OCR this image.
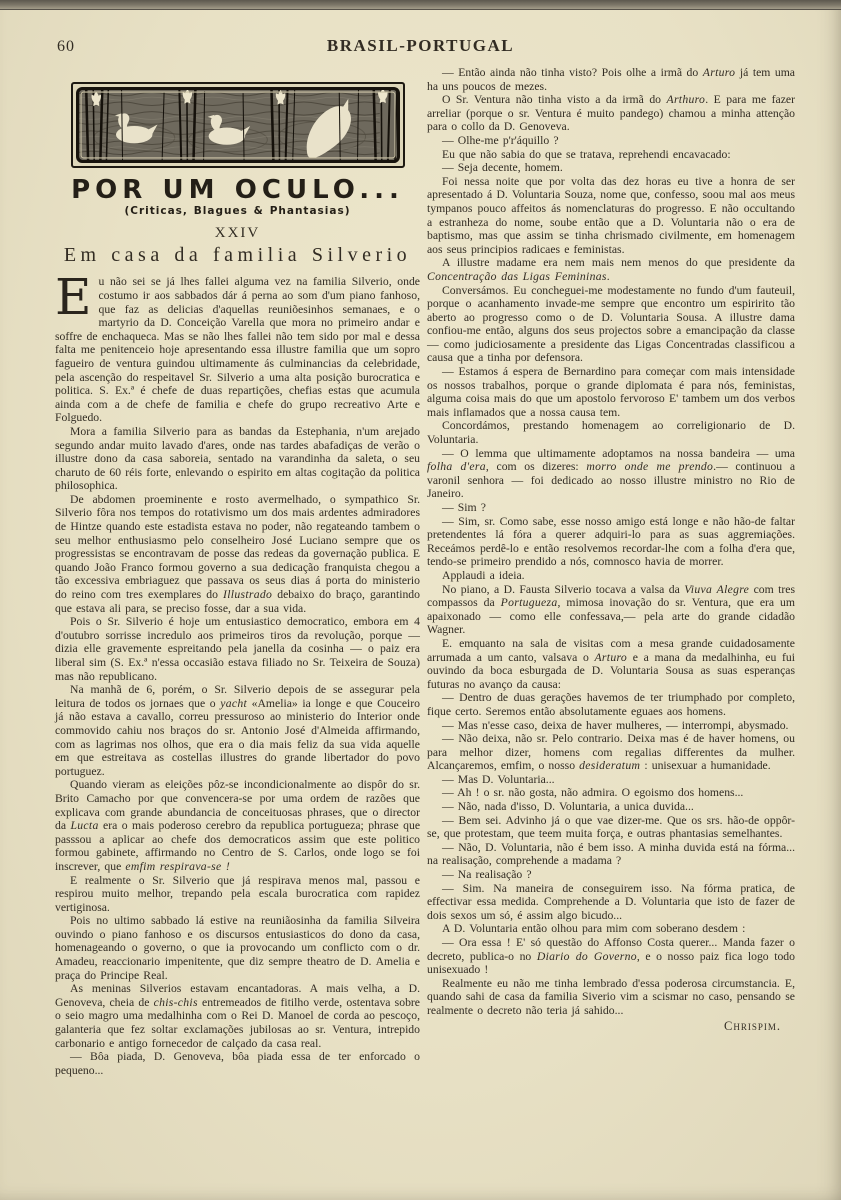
60	BRASIL-PORTUGAL
POR UM OCULO...
(Criticas, Blagues & Phantasias)
XXIV
Em casa da familia Silverio

Eu não sei se já lhes fallei alguma vez na familia Silverio, onde costumo ir aos sabbados dár á perna ao som d'um piano fanhoso, que faz as delicias d'aquellas reuniõesinhos semanaes, e o martyrio da D. Conceição Varella que mora no primeiro andar e soffre de enchaqueca. Mas se não lhes fallei não tem sido por mal e dessa falta me penitenceio hoje apresentando essa illustre familia que um sopro fagueiro de ventura guindou ultimamente ás culminancias da celebridade, pela ascenção do respeitavel Sr. Silverio a uma alta posição burocratica e politica. S. Ex.ª é chefe de duas repartições, chefias estas que acumula ainda com a de chefe de familia e chefe do grupo recreativo Arte e Folguedo.

Mora a familia Silverio para as bandas da Estephania, n'um arejado segundo andar muito lavado d'ares, onde nas tardes abafadiças de verão o illustre dono da casa saboreia, sentado na varandinha da saleta, o seu charuto de 60 réis forte, enlevando o espirito em altas cogitação da politica philosophica.

De abdomen proeminente e rosto avermelhado, o sympathico Sr. Silverio fôra nos tempos do rotativismo um dos mais ardentes admiradores de Hintze quando este estadista estava no poder, não regateando tambem o seu melhor enthusiasmo pelo conselheiro José Luciano sempre que os progressistas se encontravam de posse das redeas da governação publica. E quando João Franco formou governo a sua dedicação franquista chegou a tão excessiva embriaguez que passava os seus dias á porta do ministerio do reino com tres exemplares do Illustrado debaixo do braço, garantindo que estava ali para, se preciso fosse, dar a sua vida.

Pois o Sr. Silverio é hoje um entusiastico democratico, embora em 4 d'outubro sorrisse incredulo aos primeiros tiros da revolução, porque — dizia elle gravemente espreitando pela janella da cosinha — o paiz era liberal sim (S. Ex.ª n'essa occasião estava filiado no Sr. Teixeira de Souza) mas não republicano.

Na manhã de 6, porém, o Sr. Silverio depois de se assegurar pela leitura de todos os jornaes que o yacht «Amelia» ia longe e que Couceiro já não estava a cavallo, correu pressuroso ao ministerio do Interior onde commovido cahiu nos braços do sr. Antonio José d'Almeida affirmando, com as lagrimas nos olhos, que era o dia mais feliz da sua vida aquelle em que estreitava as costellas illustres do grande libertador do povo portuguez.

Quando vieram as eleições pôz-se incondicionalmente ao dispôr do sr. Brito Camacho por que convencera-se por uma ordem de razões que explicava com grande abundancia de conceituosas phrases, que o director da Lucta era o mais poderoso cerebro da republica portugueza; phrase que passsou a aplicar ao chefe dos democraticos assim que este politico formou gabinete, affirmando no Centro de S. Carlos, onde logo se foi inscrever, que emfim respirava-se !

E realmente o Sr. Silverio que já respirava menos mal, passou e respirou muito melhor, trepando pela escala burocratica com rapidez vertiginosa.

Pois no ultimo sabbado lá estive na reuniãosinha da familia Silveira ouvindo o piano fanhoso e os discursos entusiasticos do dono da casa, homenageando o governo, o que ia provocando um conflicto com o dr. Amadeu, reaccionario impenitente, que diz sempre theatro de D. Amelia e praça do Principe Real.

As meninas Silverios estavam encantadoras. A mais velha, a D. Genoveva, cheia de chis-chis entremeados de fitilho verde, ostentava sobre o seio magro uma medalhinha com o Rei D. Manoel de corda ao pescoço, galanteria que fez soltar exclamações jubilosas ao sr. Ventura, intrepido carbonario e antigo fornecedor de calçado da casa real.

— Bôa piada, D. Genoveva, bôa piada essa de ter enforcado o pequeno...

— Então ainda não tinha visto? Pois olhe a irmã do Arturo já tem uma ha uns poucos de mezes.

O Sr. Ventura não tinha visto a da irmã do Arthuro. E para me fazer arreliar (porque o sr. Ventura é muito pandego) chamou a minha attenção para o collo da D. Genoveva.

— Olhe-me p'r'áquillo ?

Eu que não sabia do que se tratava, reprehendi encavacado:

— Seja decente, homem.

Foi nessa noite que por volta das dez horas eu tive a honra de ser apresentado á D. Voluntaria Souza, nome que, confesso, soou mal aos meus tympanos pouco affeitos ás nomenclaturas do progresso. E não occultando a estranheza do nome, soube então que a D. Voluntaria não o era de baptismo, mas que assim se tinha chrismado civilmente, em homenagem aos seus principios radicaes e feministas.

A illustre madame era nem mais nem menos do que presidente da Concentração das Ligas Femininas.

Conversámos. Eu concheguei-me modestamente no fundo d'um fauteuil, porque o acanhamento invade-me sempre que encontro um espiririto tão aberto ao progresso como o de D. Voluntaria Sousa. A illustre dama confiou-me então, alguns dos seus projectos sobre a emancipação da classe — como judiciosamente a presidente das Ligas Concentradas classificou a causa que a tinha por defensora.

— Estamos á espera de Bernardino para começar com mais intensidade os nossos trabalhos, porque o grande diplomata é para nós, feministas, alguma coisa mais do que um apostolo fervoroso E' tambem um dos verbos mais inflamados que a nossa causa tem.

Concordámos, prestando homenagem ao correligionario de D. Voluntaria.

— O lemma que ultimamente adoptamos na nossa bandeira — uma folha d'era, com os dizeres: morro onde me prendo.— continuou a varonil senhora — foi dedicado ao nosso illustre ministro no Rio de Janeiro.

— Sim ?

— Sim, sr. Como sabe, esse nosso amigo está longe e não hão-de faltar pretendentes lá fóra a querer adquiri-lo para as suas aggremiações. Receámos perdê-lo e então resolvemos recordar-lhe com a folha d'era que, tendo-se primeiro prendido a nós, comnosco havia de morrer.

Applaudi a ideia.

No piano, a D. Fausta Silverio tocava a valsa da Viuva Alegre com tres compassos da Portugueza, mimosa inovação do sr. Ventura, que era um apaixonado — como elle confessava,— pela arte do grande cidadão Wagner.

E. emquanto na sala de visitas com a mesa grande cuidadosamente arrumada a um canto, valsava o Arturo e a mana da medalhinha, eu fui ouvindo da boca esburgada de D. Voluntaria Sousa as suas esperanças futuras no avanço da causa:

— Dentro de duas gerações havemos de ter triumphado por completo, fique certo. Seremos então absolutamente eguaes aos homens.

— Mas n'esse caso, deixa de haver mulheres, — interrompi, abysmado.

— Não deixa, não sr. Pelo contrario. Deixa mas é de haver homens, ou para melhor dizer, homens com regalias differentes da mulher. Alcançaremos, emfim, o nosso desideratum : unisexuar a humanidade.

— Mas D. Voluntaria...

— Ah ! o sr. não gosta, não admira. O egoismo dos homens...

— Não, nada d'isso, D. Voluntaria, a unica duvida...

— Bem sei. Advinho já o que vae dizer-me. Que os srs. hão-de oppôr-se, que protestam, que teem muita força, e outras phantasias semelhantes.

— Não, D. Voluntaria, não é bem isso. A minha duvida está na fórma... na realisação, comprehende a madama ?

— Na realisação ?

— Sim. Na maneira de conseguirem isso. Na fórma pratica, de effectivar essa medida. Comprehende a D. Voluntaria que isto de fazer de dois sexos um só, é assim algo bicudo...

A D. Voluntaria então olhou para mim com soberano desdem :

— Ora essa ! E' só questão do Affonso Costa querer... Manda fazer o decreto, publica-o no Diario do Governo, e o nosso paiz fica logo todo unisexuado !

Realmente eu não me tinha lembrado d'essa poderosa circumstancia. E, quando sahi de casa da familia Siverio vim a scismar no caso, pensando se realmente o decreto não teria já sahido...

Chrispim.
